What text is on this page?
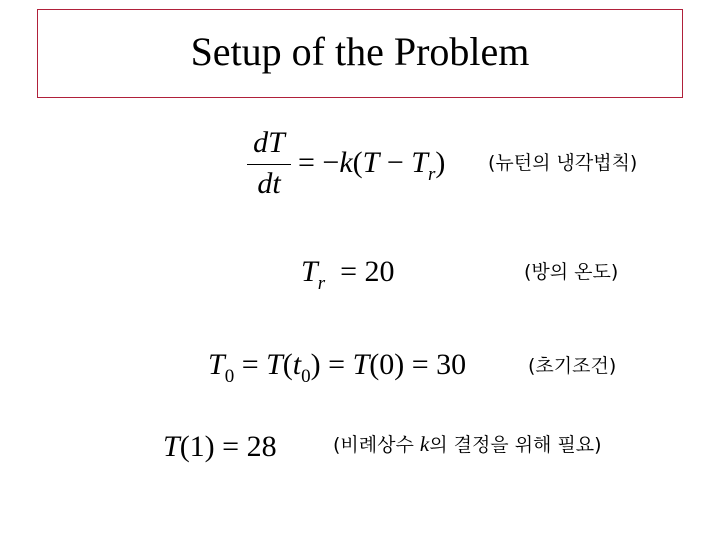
Setup of the Problem
dT
dt
= $-k(T - T_r)$ (뉴턴의 냉각법칙)
$T_r = 20$	(방의 온도)
$T_0 = T(t_0) = T(0) = 30$	(초기조건)
T(1) = 28	(비례상수 k의 결정을 위해 필요)
